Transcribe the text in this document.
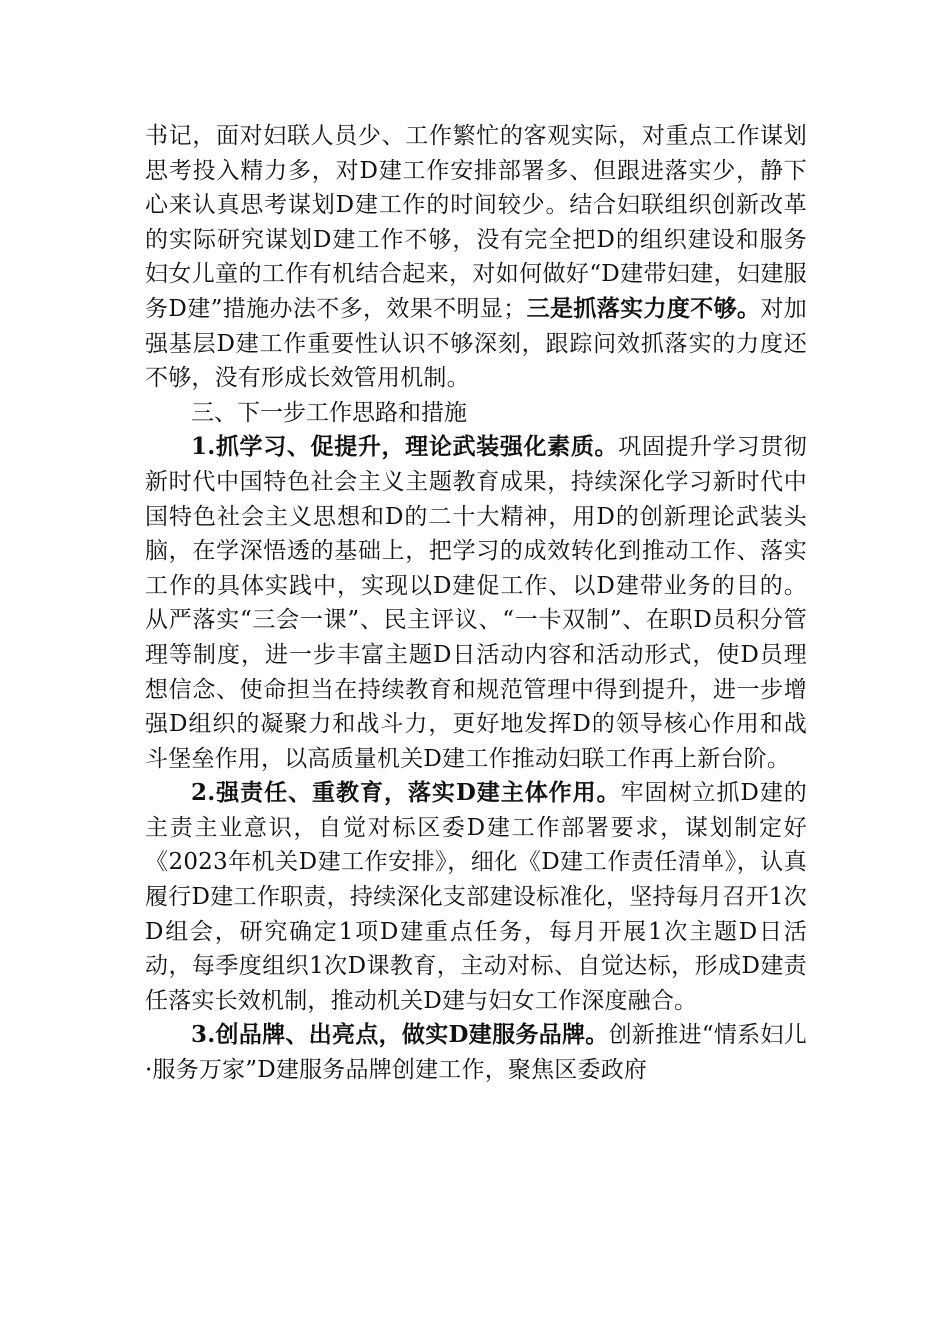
书记，面对妇联人员少、工作繁忙的客观实际，对重点工作谋划思考投入精力多，对D建工作安排部署多、但跟进落实少，静下心来认真思考谋划D建工作的时间较少。结合妇联组织创新改革的实际研究谋划D建工作不够，没有完全把D的组织建设和服务妇女儿童的工作有机结合起来，对如何做好“D建带妇建，妇建服务D建”措施办法不多，效果不明显；三是抓落实力度不够。对加强基层D建工作重要性认识不够深刻，跟踪问效抓落实的力度还不够，没有形成长效管用机制。

三、下一步工作思路和措施

1.抓学习、促提升，理论武装强化素质。巩固提升学习贯彻新时代中国特色社会主义主题教育成果，持续深化学习新时代中国特色社会主义思想和D的二十大精神，用D的创新理论武装头脑，在学深悟透的基础上，把学习的成效转化到推动工作、落实工作的具体实践中，实现以D建促工作、以D建带业务的目的。从严落实“三会一课”、民主评议、“一卡双制”、在职D员积分管理等制度，进一步丰富主题D日活动内容和活动形式，使D员理想信念、使命担当在持续教育和规范管理中得到提升，进一步增强D组织的凝聚力和战斗力，更好地发挥D的领导核心作用和战斗堡垒作用，以高质量机关D建工作推动妇联工作再上新台阶。

2.强责任、重教育，落实D建主体作用。牢固树立抓D建的主责主业意识，自觉对标区委D建工作部署要求，谋划制定好《2023年机关D建工作安排》，细化《D建工作责任清单》，认真履行D建工作职责，持续深化支部建设标准化，坚持每月召开1次D组会，研究确定1项D建重点任务，每月开展1次主题D日活动，每季度组织1次D课教育，主动对标、自觉达标，形成D建责任落实长效机制，推动机关D建与妇女工作深度融合。

3.创品牌、出亮点，做实D建服务品牌。创新推进“情系妇儿·服务万家”D建服务品牌创建工作，聚焦区委政府
